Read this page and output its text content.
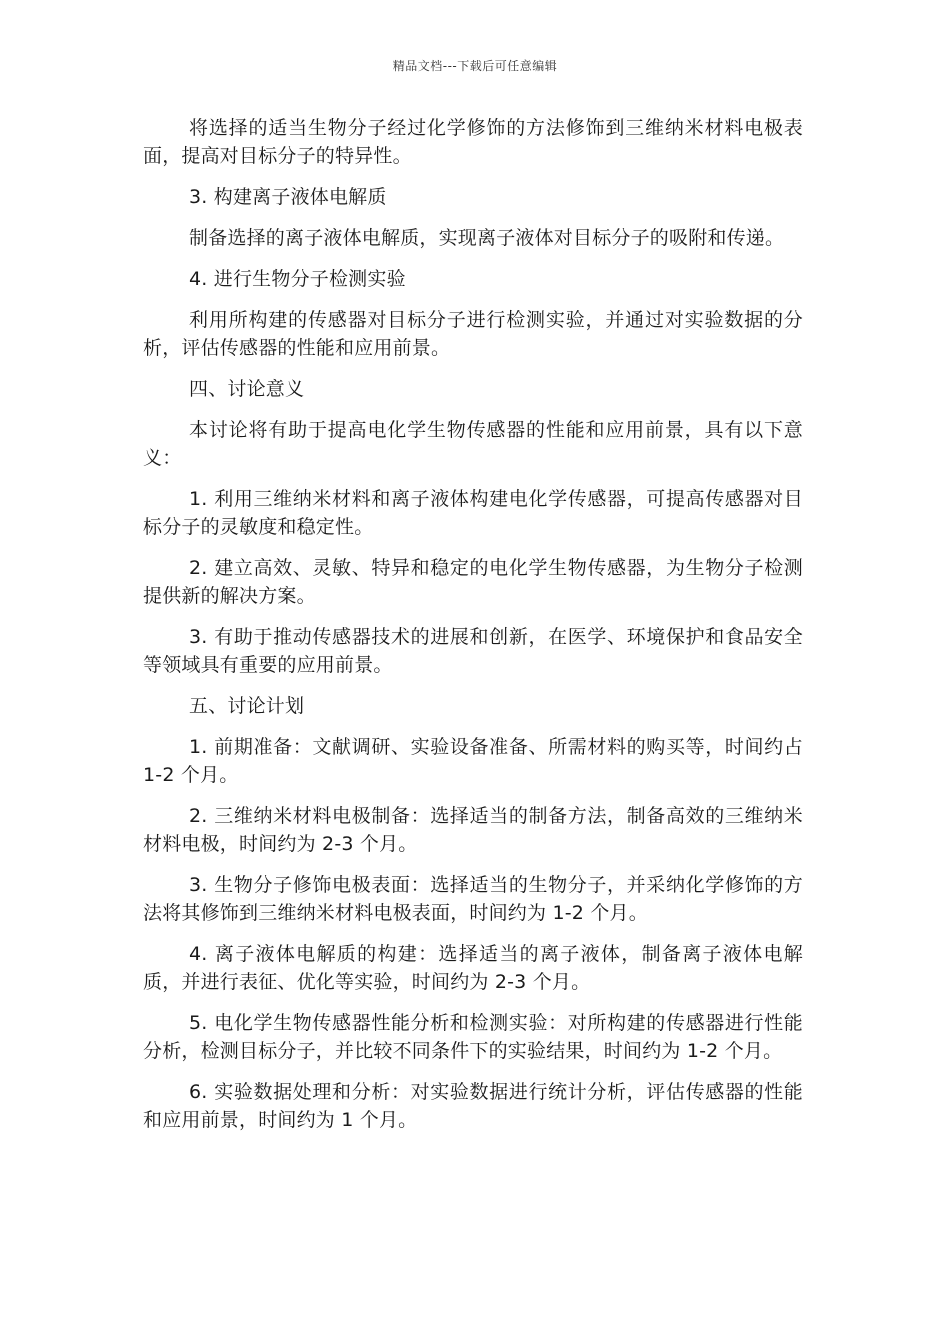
精品文档---下载后可任意编辑

将选择的适当生物分子经过化学修饰的方法修饰到三维纳米材料电极表面，提高对目标分子的特异性。

3. 构建离子液体电解质

制备选择的离子液体电解质，实现离子液体对目标分子的吸附和传递。

4. 进行生物分子检测实验

利用所构建的传感器对目标分子进行检测实验，并通过对实验数据的分析，评估传感器的性能和应用前景。

四、讨论意义

本讨论将有助于提高电化学生物传感器的性能和应用前景，具有以下意义：

1. 利用三维纳米材料和离子液体构建电化学传感器，可提高传感器对目标分子的灵敏度和稳定性。

2. 建立高效、灵敏、特异和稳定的电化学生物传感器，为生物分子检测提供新的解决方案。

3. 有助于推动传感器技术的进展和创新，在医学、环境保护和食品安全等领域具有重要的应用前景。

五、讨论计划

1. 前期准备：文献调研、实验设备准备、所需材料的购买等，时间约占 1-2 个月。

2. 三维纳米材料电极制备：选择适当的制备方法，制备高效的三维纳米材料电极，时间约为 2-3 个月。

3. 生物分子修饰电极表面：选择适当的生物分子，并采纳化学修饰的方法将其修饰到三维纳米材料电极表面，时间约为 1-2 个月。

4. 离子液体电解质的构建：选择适当的离子液体，制备离子液体电解质，并进行表征、优化等实验，时间约为 2-3 个月。

5. 电化学生物传感器性能分析和检测实验：对所构建的传感器进行性能分析，检测目标分子，并比较不同条件下的实验结果，时间约为 1-2 个月。

6. 实验数据处理和分析：对实验数据进行统计分析，评估传感器的性能和应用前景，时间约为 1 个月。
